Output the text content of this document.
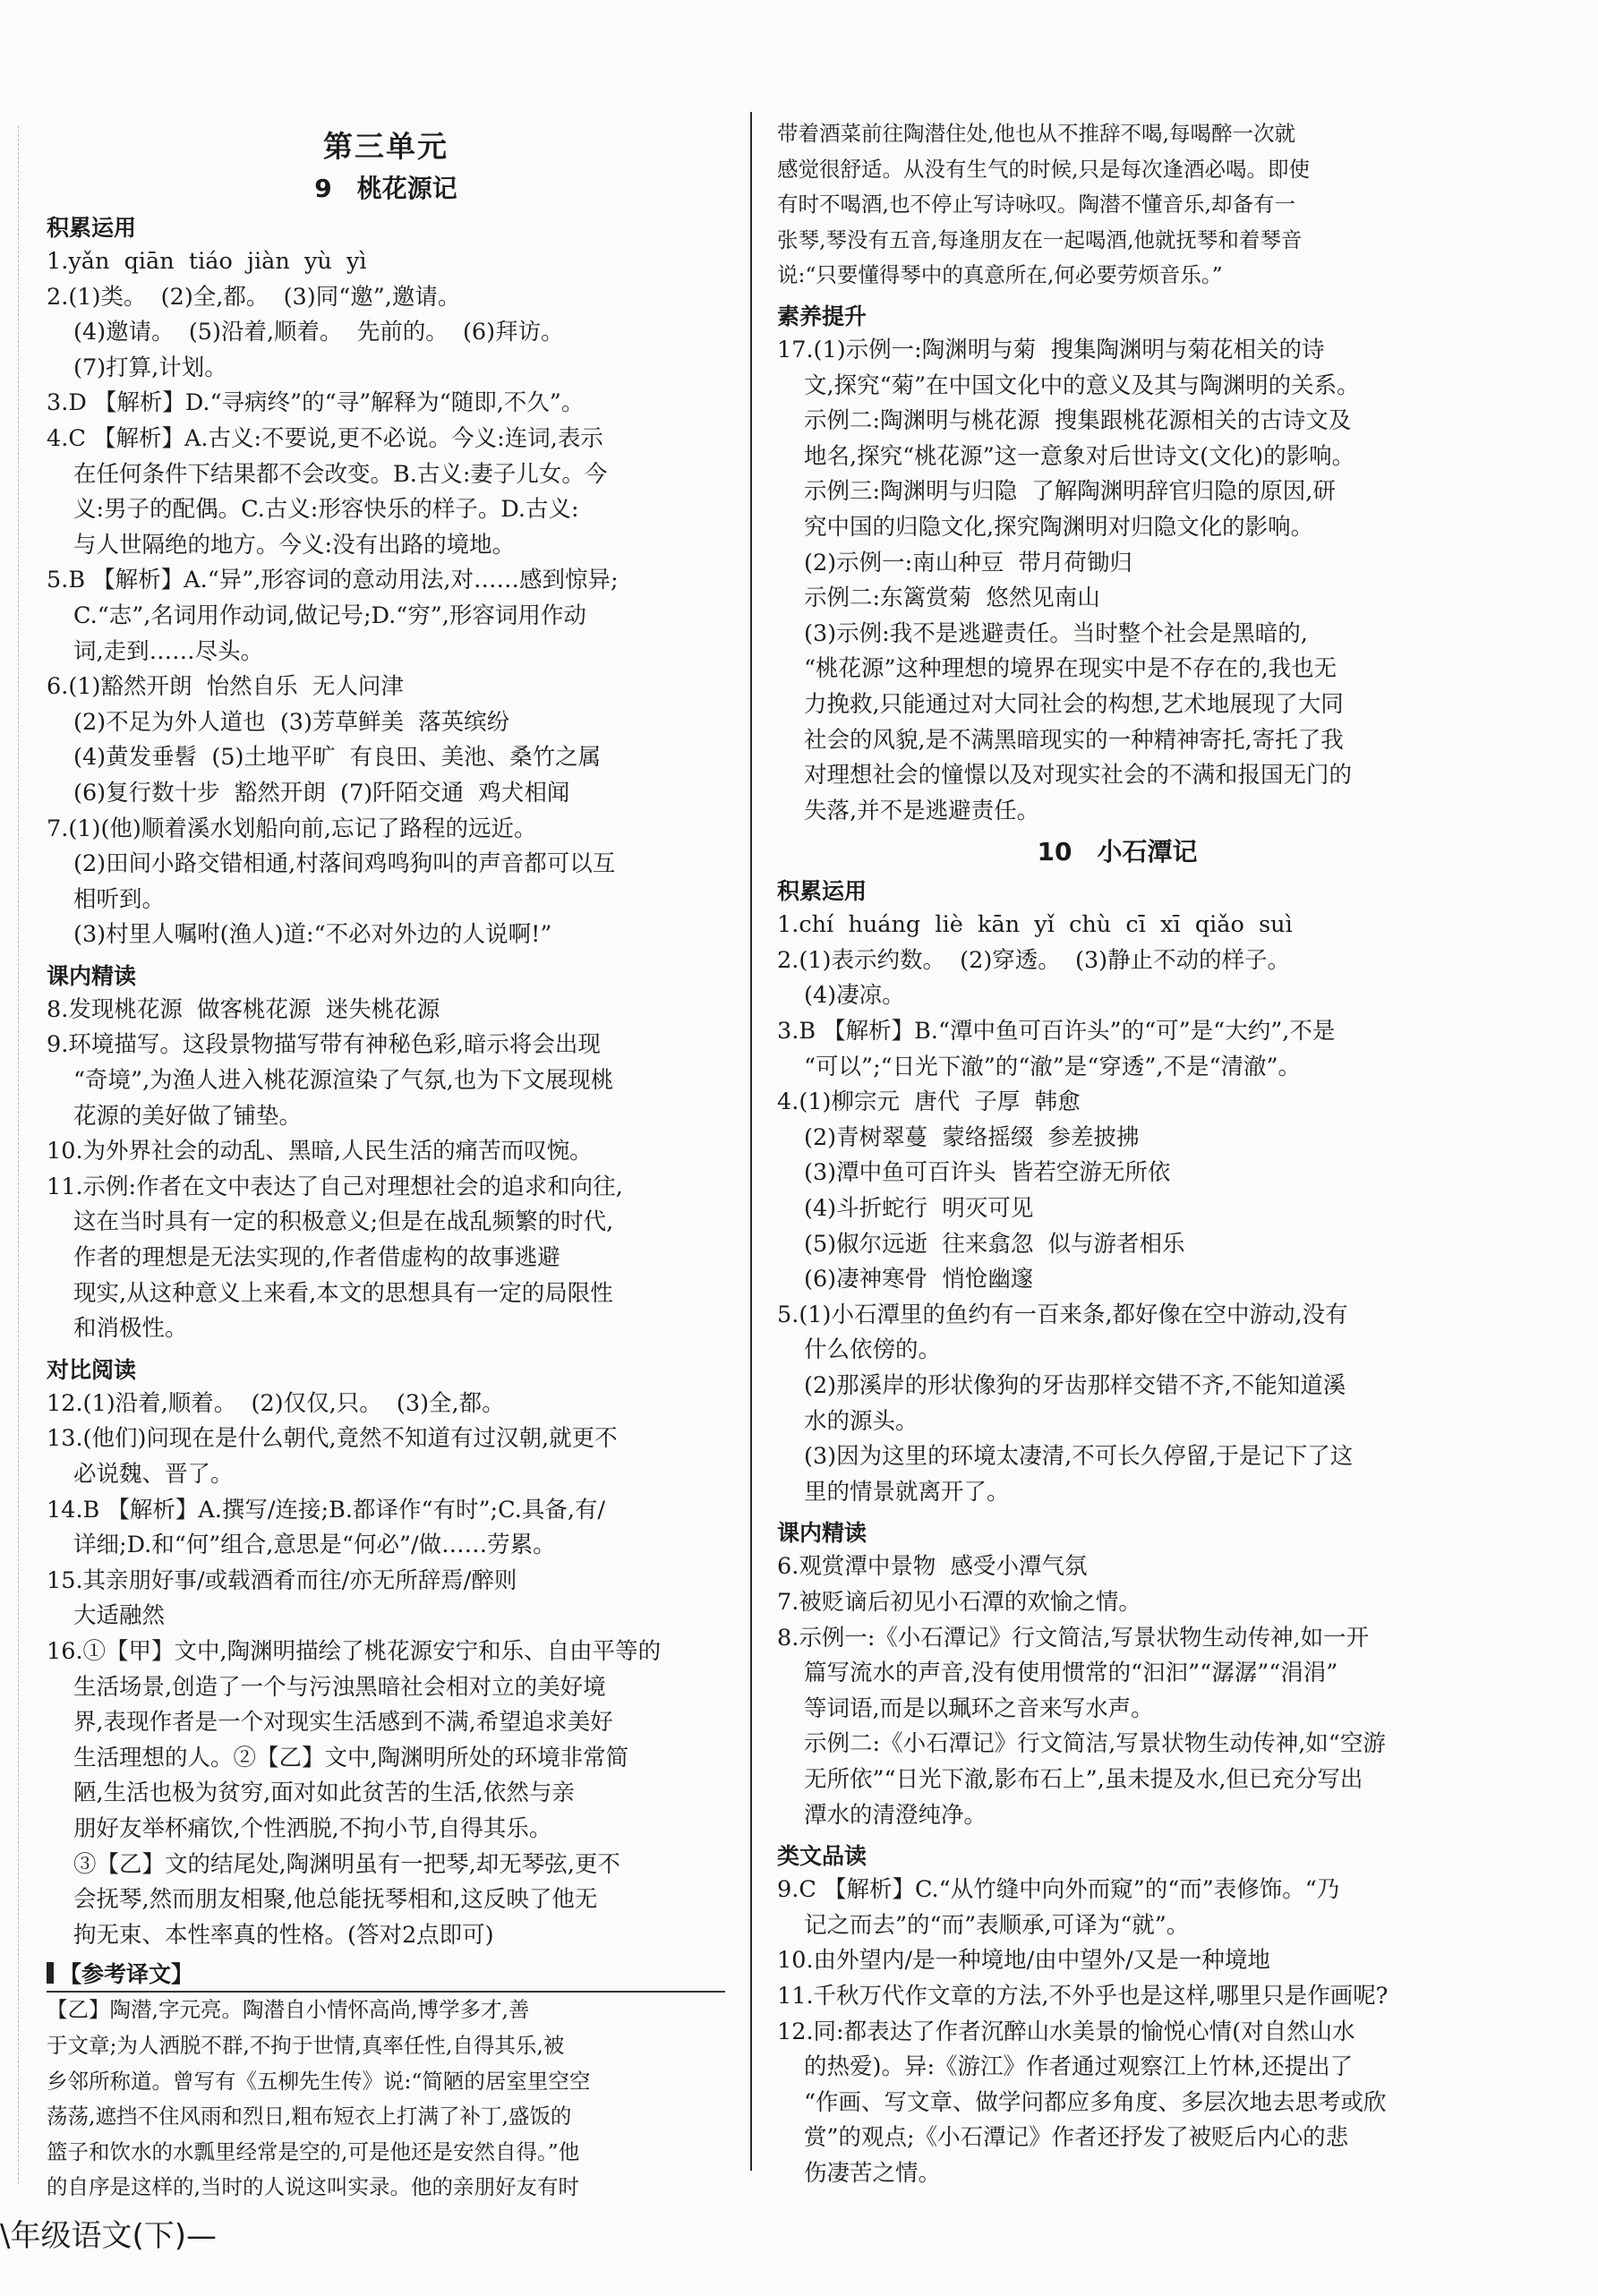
第三单元
9　桃花源记
积累运用
1.yǎn  qiān  tiáo  jiàn  yù  yì
2.(1)类。  (2)全,都。  (3)同“邀”,邀请。
(4)邀请。  (5)沿着,顺着。  先前的。  (6)拜访。
(7)打算,计划。
3.D 【解析】D.“寻病终”的“寻”解释为“随即,不久”。
4.C 【解析】A.古义:不要说,更不必说。今义:连词,表示
在任何条件下结果都不会改变。B.古义:妻子儿女。今
义:男子的配偶。C.古义:形容快乐的样子。D.古义:
与人世隔绝的地方。今义:没有出路的境地。
5.B 【解析】A.“异”,形容词的意动用法,对……感到惊异;
C.“志”,名词用作动词,做记号;D.“穷”,形容词用作动
词,走到……尽头。
6.(1)豁然开朗  怡然自乐  无人问津
(2)不足为外人道也  (3)芳草鲜美  落英缤纷
(4)黄发垂髫  (5)土地平旷  有良田、美池、桑竹之属
(6)复行数十步  豁然开朗  (7)阡陌交通  鸡犬相闻
7.(1)(他)顺着溪水划船向前,忘记了路程的远近。
(2)田间小路交错相通,村落间鸡鸣狗叫的声音都可以互
相听到。
(3)村里人嘱咐(渔人)道:“不必对外边的人说啊!”
课内精读
8.发现桃花源  做客桃花源  迷失桃花源
9.环境描写。这段景物描写带有神秘色彩,暗示将会出现
“奇境”,为渔人进入桃花源渲染了气氛,也为下文展现桃
花源的美好做了铺垫。
10.为外界社会的动乱、黑暗,人民生活的痛苦而叹惋。
11.示例:作者在文中表达了自己对理想社会的追求和向往,
这在当时具有一定的积极意义;但是在战乱频繁的时代,
作者的理想是无法实现的,作者借虚构的故事逃避
现实,从这种意义上来看,本文的思想具有一定的局限性
和消极性。
对比阅读
12.(1)沿着,顺着。  (2)仅仅,只。  (3)全,都。
13.(他们)问现在是什么朝代,竟然不知道有过汉朝,就更不
必说魏、晋了。
14.B 【解析】A.撰写/连接;B.都译作“有时”;C.具备,有/
详细;D.和“何”组合,意思是“何必”/做……劳累。
15.其亲朋好事/或载酒肴而往/亦无所辞焉/醉则
大适融然
16.①【甲】文中,陶渊明描绘了桃花源安宁和乐、自由平等的
生活场景,创造了一个与污浊黑暗社会相对立的美好境
界,表现作者是一个对现实生活感到不满,希望追求美好
生活理想的人。②【乙】文中,陶渊明所处的环境非常简
陋,生活也极为贫穷,面对如此贫苦的生活,依然与亲
朋好友举杯痛饮,个性洒脱,不拘小节,自得其乐。
③【乙】文的结尾处,陶渊明虽有一把琴,却无琴弦,更不
会抚琴,然而朋友相聚,他总能抚琴相和,这反映了他无
拘无束、本性率真的性格。(答对2点即可)
【参考译文】
【乙】陶潜,字元亮。陶潜自小情怀高尚,博学多才,善
于文章;为人洒脱不群,不拘于世情,真率任性,自得其乐,被
乡邻所称道。曾写有《五柳先生传》说:“简陋的居室里空空
荡荡,遮挡不住风雨和烈日,粗布短衣上打满了补丁,盛饭的
篮子和饮水的水瓢里经常是空的,可是他还是安然自得。”他
的自序是这样的,当时的人说这叫实录。他的亲朋好友有时
带着酒菜前往陶潜住处,他也从不推辞不喝,每喝醉一次就
感觉很舒适。从没有生气的时候,只是每次逢酒必喝。即使
有时不喝酒,也不停止写诗咏叹。陶潜不懂音乐,却备有一
张琴,琴没有五音,每逢朋友在一起喝酒,他就抚琴和着琴音
说:“只要懂得琴中的真意所在,何必要劳烦音乐。”
素养提升
17.(1)示例一:陶渊明与菊  搜集陶渊明与菊花相关的诗
文,探究“菊”在中国文化中的意义及其与陶渊明的关系。
示例二:陶渊明与桃花源  搜集跟桃花源相关的古诗文及
地名,探究“桃花源”这一意象对后世诗文(文化)的影响。
示例三:陶渊明与归隐  了解陶渊明辞官归隐的原因,研
究中国的归隐文化,探究陶渊明对归隐文化的影响。
(2)示例一:南山种豆  带月荷锄归
示例二:东篱赏菊  悠然见南山
(3)示例:我不是逃避责任。当时整个社会是黑暗的,
“桃花源”这种理想的境界在现实中是不存在的,我也无
力挽救,只能通过对大同社会的构想,艺术地展现了大同
社会的风貌,是不满黑暗现实的一种精神寄托,寄托了我
对理想社会的憧憬以及对现实社会的不满和报国无门的
失落,并不是逃避责任。
10　小石潭记
积累运用
1.chí  huáng  liè  kān  yǐ  chù  cī  xī  qiǎo  suì
2.(1)表示约数。  (2)穿透。  (3)静止不动的样子。
(4)凄凉。
3.B 【解析】B.“潭中鱼可百许头”的“可”是“大约”,不是
“可以”;“日光下澈”的“澈”是“穿透”,不是“清澈”。
4.(1)柳宗元  唐代  子厚  韩愈
(2)青树翠蔓  蒙络摇缀  参差披拂
(3)潭中鱼可百许头  皆若空游无所依
(4)斗折蛇行  明灭可见
(5)俶尔远逝  往来翕忽  似与游者相乐
(6)凄神寒骨  悄怆幽邃
5.(1)小石潭里的鱼约有一百来条,都好像在空中游动,没有
什么依傍的。
(2)那溪岸的形状像狗的牙齿那样交错不齐,不能知道溪
水的源头。
(3)因为这里的环境太凄清,不可长久停留,于是记下了这
里的情景就离开了。
课内精读
6.观赏潭中景物  感受小潭气氛
7.被贬谪后初见小石潭的欢愉之情。
8.示例一:《小石潭记》行文简洁,写景状物生动传神,如一开
篇写流水的声音,没有使用惯常的“汩汩”“潺潺”“涓涓”
等词语,而是以珮环之音来写水声。
示例二:《小石潭记》行文简洁,写景状物生动传神,如“空游
无所依”“日光下澈,影布石上”,虽未提及水,但已充分写出
潭水的清澄纯净。
类文品读
9.C 【解析】C.“从竹缝中向外而窥”的“而”表修饰。“乃
记之而去”的“而”表顺承,可译为“就”。
10.由外望内/是一种境地/由中望外/又是一种境地
11.千秋万代作文章的方法,不外乎也是这样,哪里只是作画呢?
12.同:都表达了作者沉醉山水美景的愉悦心情(对自然山水
的热爱)。异:《游江》作者通过观察江上竹林,还提出了
“作画、写文章、做学问都应多角度、多层次地去思考或欣
赏”的观点;《小石潭记》作者还抒发了被贬后内心的悲
伤凄苦之情。
\年级语文(下)—
